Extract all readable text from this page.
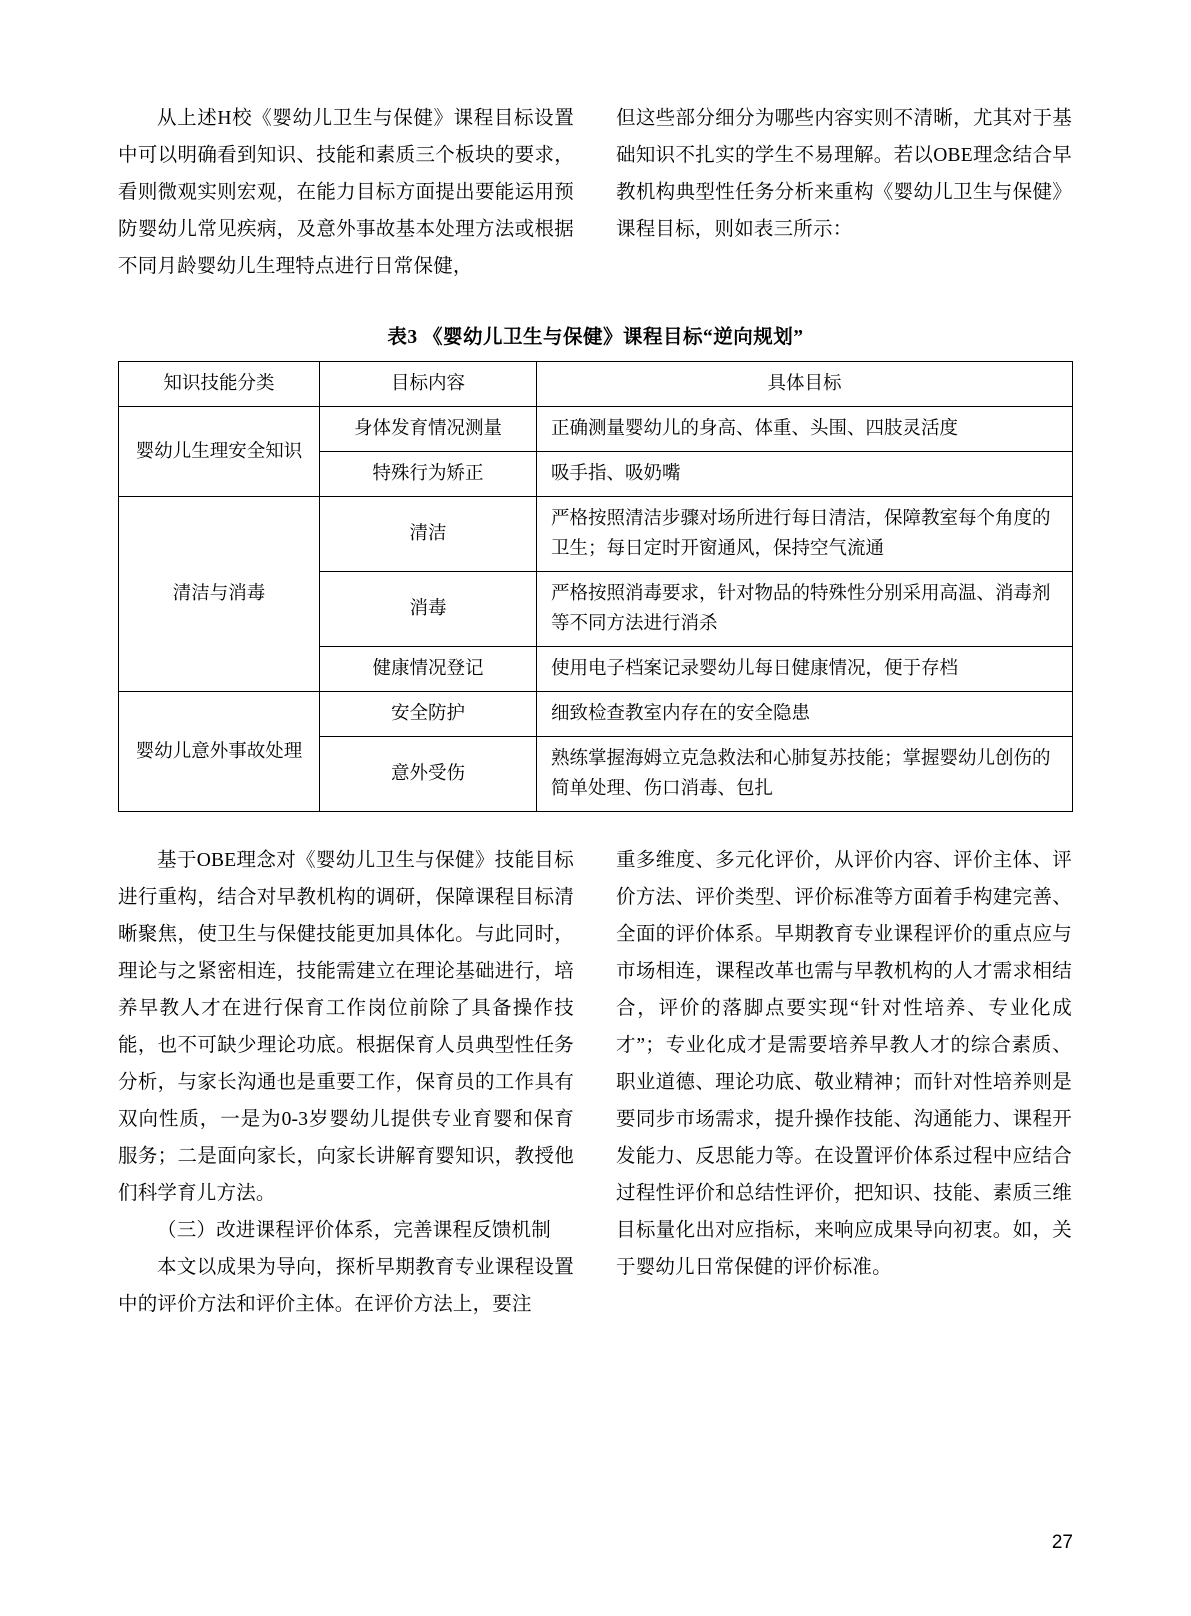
从上述H校《婴幼儿卫生与保健》课程目标设置中可以明确看到知识、技能和素质三个板块的要求，看则微观实则宏观，在能力目标方面提出要能运用预防婴幼儿常见疾病，及意外事故基本处理方法或根据不同月龄婴幼儿生理特点进行日常保健，

但这些部分细分为哪些内容实则不清晰，尤其对于基础知识不扎实的学生不易理解。若以OBE理念结合早教机构典型性任务分析来重构《婴幼儿卫生与保健》课程目标，则如表三所示：

表3 《婴幼儿卫生与保健》课程目标“逆向规划”
知识技能分类	目标内容	具体目标
婴幼儿生理安全知识	身体发育情况测量	正确测量婴幼儿的身高、体重、头围、四肢灵活度
	特殊行为矫正	吸手指、吸奶嘴
清洁与消毒	清洁	严格按照清洁步骤对场所进行每日清洁，保障教室每个角度的卫生；每日定时开窗通风，保持空气流通
	消毒	严格按照消毒要求，针对物品的特殊性分别采用高温、消毒剂等不同方法进行消杀
	健康情况登记	使用电子档案记录婴幼儿每日健康情况，便于存档
婴幼儿意外事故处理	安全防护	细致检查教室内存在的安全隐患
	意外受伤	熟练掌握海姆立克急救法和心肺复苏技能；掌握婴幼儿创伤的简单处理、伤口消毒、包扎

基于OBE理念对《婴幼儿卫生与保健》技能目标进行重构，结合对早教机构的调研，保障课程目标清晰聚焦，使卫生与保健技能更加具体化。与此同时，理论与之紧密相连，技能需建立在理论基础进行，培养早教人才在进行保育工作岗位前除了具备操作技能，也不可缺少理论功底。根据保育人员典型性任务分析，与家长沟通也是重要工作，保育员的工作具有双向性质，一是为0-3岁婴幼儿提供专业育婴和保育服务；二是面向家长，向家长讲解育婴知识，教授他们科学育儿方法。

（三）改进课程评价体系，完善课程反馈机制

本文以成果为导向，探析早期教育专业课程设置中的评价方法和评价主体。在评价方法上，要注

重多维度、多元化评价，从评价内容、评价主体、评价方法、评价类型、评价标准等方面着手构建完善、全面的评价体系。早期教育专业课程评价的重点应与市场相连，课程改革也需与早教机构的人才需求相结合，评价的落脚点要实现“针对性培养、专业化成才”；专业化成才是需要培养早教人才的综合素质、职业道德、理论功底、敬业精神；而针对性培养则是要同步市场需求，提升操作技能、沟通能力、课程开发能力、反思能力等。在设置评价体系过程中应结合过程性评价和总结性评价，把知识、技能、素质三维目标量化出对应指标，来响应成果导向初衷。如，关于婴幼儿日常保健的评价标准。

27
